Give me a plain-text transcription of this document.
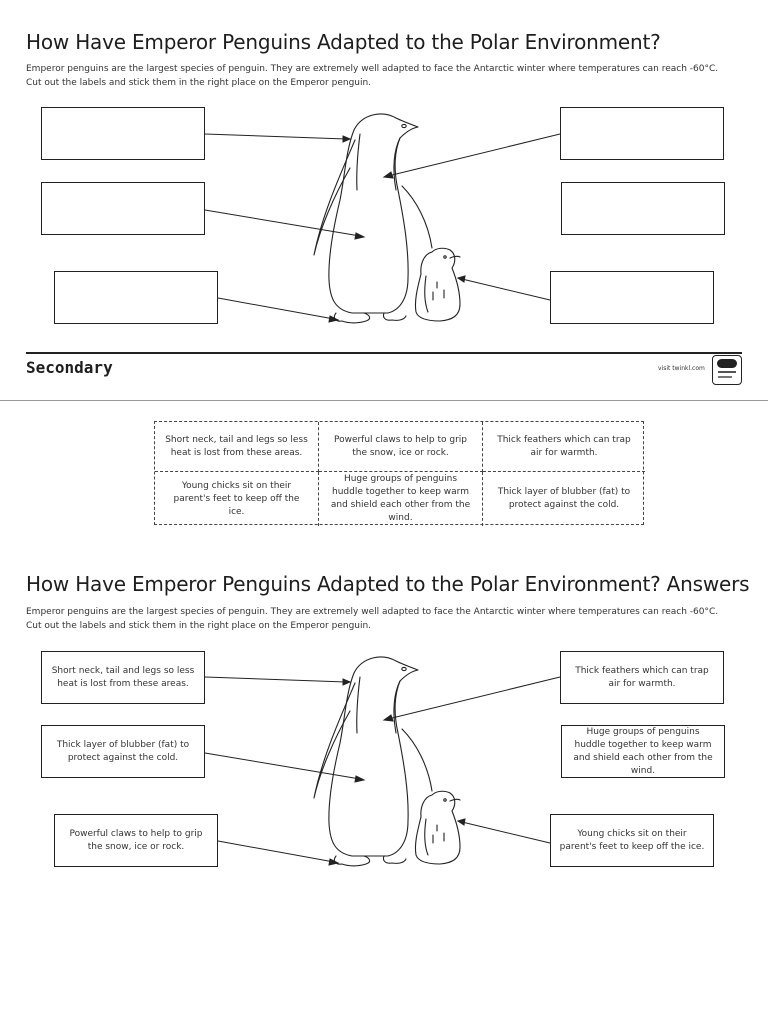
How Have Emperor Penguins Adapted to the Polar Environment?
Emperor penguins are the largest species of penguin. They are extremely well adapted to face the Antarctic winter where temperatures can reach -60°C.
Cut out the labels and stick them in the right place on the Emperor penguin.
Secondary	visit twinkl.com
Short neck, tail and legs so less heat is lost from these areas.
Powerful claws to help to grip the snow, ice or rock.
Thick feathers which can trap air for warmth.
Young chicks sit on their parent's feet to keep off the ice.
Huge groups of penguins huddle together to keep warm and shield each other from the wind.
Thick layer of blubber (fat) to protect against the cold.
How Have Emperor Penguins Adapted to the Polar Environment? Answers
Emperor penguins are the largest species of penguin. They are extremely well adapted to face the Antarctic winter where temperatures can reach -60°C.
Cut out the labels and stick them in the right place on the Emperor penguin.
Short neck, tail and legs so less heat is lost from these areas.
Thick layer of blubber (fat) to protect against the cold.
Powerful claws to help to grip the snow, ice or rock.
Thick feathers which can trap air for warmth.
Huge groups of penguins huddle together to keep warm and shield each other from the wind.
Young chicks sit on their parent's feet to keep off the ice.
